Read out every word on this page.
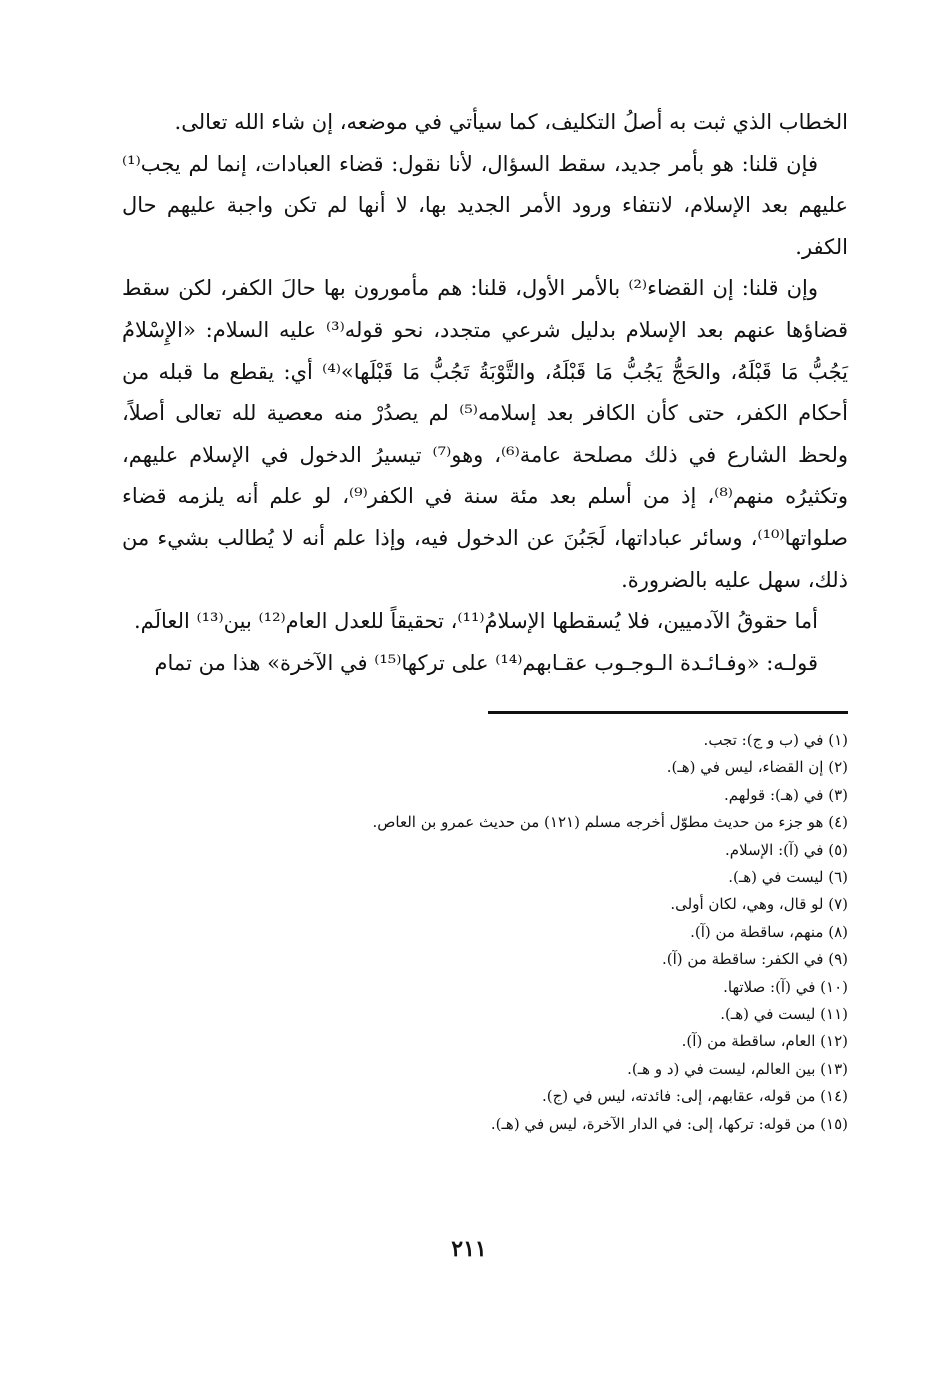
الخطاب الذي ثبت به أصلُ التكليف، كما سيأتي في موضعه، إن شاء الله تعالى.

فإن قلنا: هو بأمر جديد، سقط السؤال، لأنا نقول: قضاء العبادات، إنما لم يجب⁽¹⁾ عليهم بعد الإسلام، لانتفاء ورود الأمر الجديد بها، لا أنها لم تكن واجبة عليهم حال الكفر.

وإن قلنا: إن القضاء⁽²⁾ بالأمر الأول، قلنا: هم مأمورون بها حالَ الكفر، لكن سقط قضاؤها عنهم بعد الإسلام بدليل شرعي متجدد، نحو قوله⁽³⁾ عليه السلام: «الإِسْلامُ يَجُبُّ مَا قَبْلَهُ، والحَجُّ يَجُبُّ مَا قَبْلَهُ، والتَّوْبَةُ تَجُبُّ مَا قَبْلَها»⁽⁴⁾ أي: يقطع ما قبله من أحكام الكفر، حتى كأن الكافر بعد إسلامه⁽⁵⁾ لم يصدُرْ منه معصية لله تعالى أصلاً، ولحظ الشارع في ذلك مصلحة عامة⁽⁶⁾، وهو⁽⁷⁾ تيسيرُ الدخول في الإسلام عليهم، وتكثيرُه منهم⁽⁸⁾، إذ من أسلم بعد مئة سنة في الكفر⁽⁹⁾، لو علم أنه يلزمه قضاء صلواتها⁽¹⁰⁾، وسائر عباداتها، لَجَبُنَ عن الدخول فيه، وإذا علم أنه لا يُطالب بشيء من ذلك، سهل عليه بالضرورة.

أما حقوقُ الآدميين، فلا يُسقطها الإسلامُ⁽¹¹⁾، تحقيقاً للعدل العام⁽¹²⁾ بين⁽¹³⁾ العالَم.

قولـه: «وفـائـدة الـوجـوب عقـابهم⁽¹⁴⁾ على تركها⁽¹⁵⁾ في الآخرة» هذا من تمام

(١) في (ب و ج): تجب.
(٢) إن القضاء، ليس في (هـ).
(٣) في (هـ): قولهم.
(٤) هو جزء من حديث مطوّل أخرجه مسلم (١٢١) من حديث عمرو بن العاص.
(٥) في (آ): الإسلام.
(٦) ليست في (هـ).
(٧) لو قال، وهي، لكان أولى.
(٨) منهم، ساقطة من (آ).
(٩) في الكفر: ساقطة من (آ).
(١٠) في (آ): صلاتها.
(١١) ليست في (هـ).
(١٢) العام، ساقطة من (آ).
(١٣) بين العالم، ليست في (د و هـ).
(١٤) من قوله، عقابهم، إلى: فائدته، ليس في (ج).
(١٥) من قوله: تركها، إلى: في الدار الآخرة، ليس في (هـ).
٢١١
